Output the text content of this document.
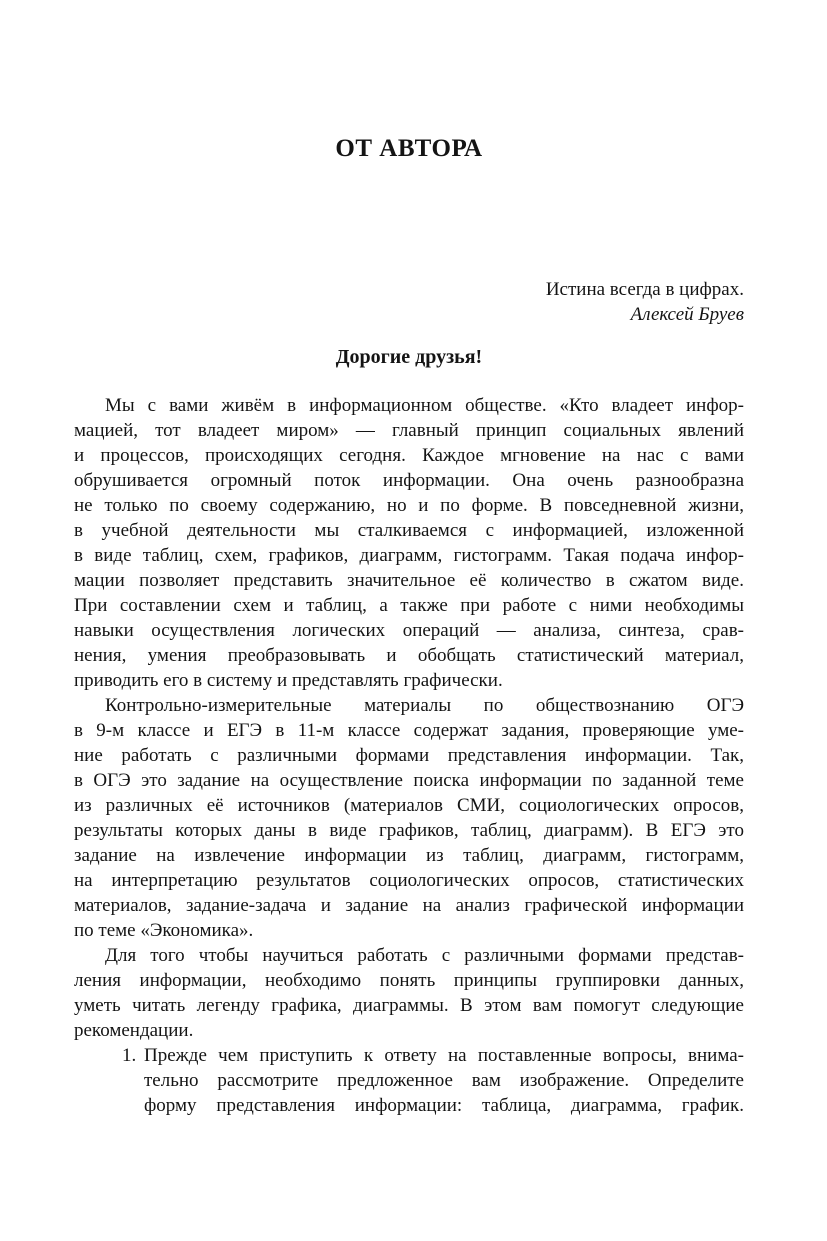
ОТ АВТОРА
Истина всегда в цифрах.
Алексей Бруев
Дорогие друзья!
Мы с вами живём в информационном обществе. «Кто владеет инфор-
мацией, тот владеет миром» — главный принцип социальных явлений
и процессов, происходящих сегодня. Каждое мгновение на нас с вами
обрушивается огромный поток информации. Она очень разнообразна
не только по своему содержанию, но и по форме. В повседневной жизни,
в учебной деятельности мы сталкиваемся с информацией, изложенной
в виде таблиц, схем, графиков, диаграмм, гистограмм. Такая подача инфор-
мации позволяет представить значительное её количество в сжатом виде.
При составлении схем и таблиц, а также при работе с ними необходимы
навыки осуществления логических операций — анализа, синтеза, срав-
нения, умения преобразовывать и обобщать статистический материал,
приводить его в систему и представлять графически.
Контрольно-измерительные материалы по обществознанию ОГЭ
в 9-м классе и ЕГЭ в 11-м классе содержат задания, проверяющие уме-
ние работать с различными формами представления информации. Так,
в ОГЭ это задание на осуществление поиска информации по заданной теме
из различных её источников (материалов СМИ, социологических опросов,
результаты которых даны в виде графиков, таблиц, диаграмм). В ЕГЭ это
задание на извлечение информации из таблиц, диаграмм, гистограмм,
на интерпретацию результатов социологических опросов, статистических
материалов, задание-задача и задание на анализ графической информации
по теме «Экономика».
Для того чтобы научиться работать с различными формами представ-
ления информации, необходимо понять принципы группировки данных,
уметь читать легенду графика, диаграммы. В этом вам помогут следующие
рекомендации.
1. Прежде чем приступить к ответу на поставленные вопросы, внима-
тельно рассмотрите предложенное вам изображение. Определите
форму представления информации: таблица, диаграмма, график.
